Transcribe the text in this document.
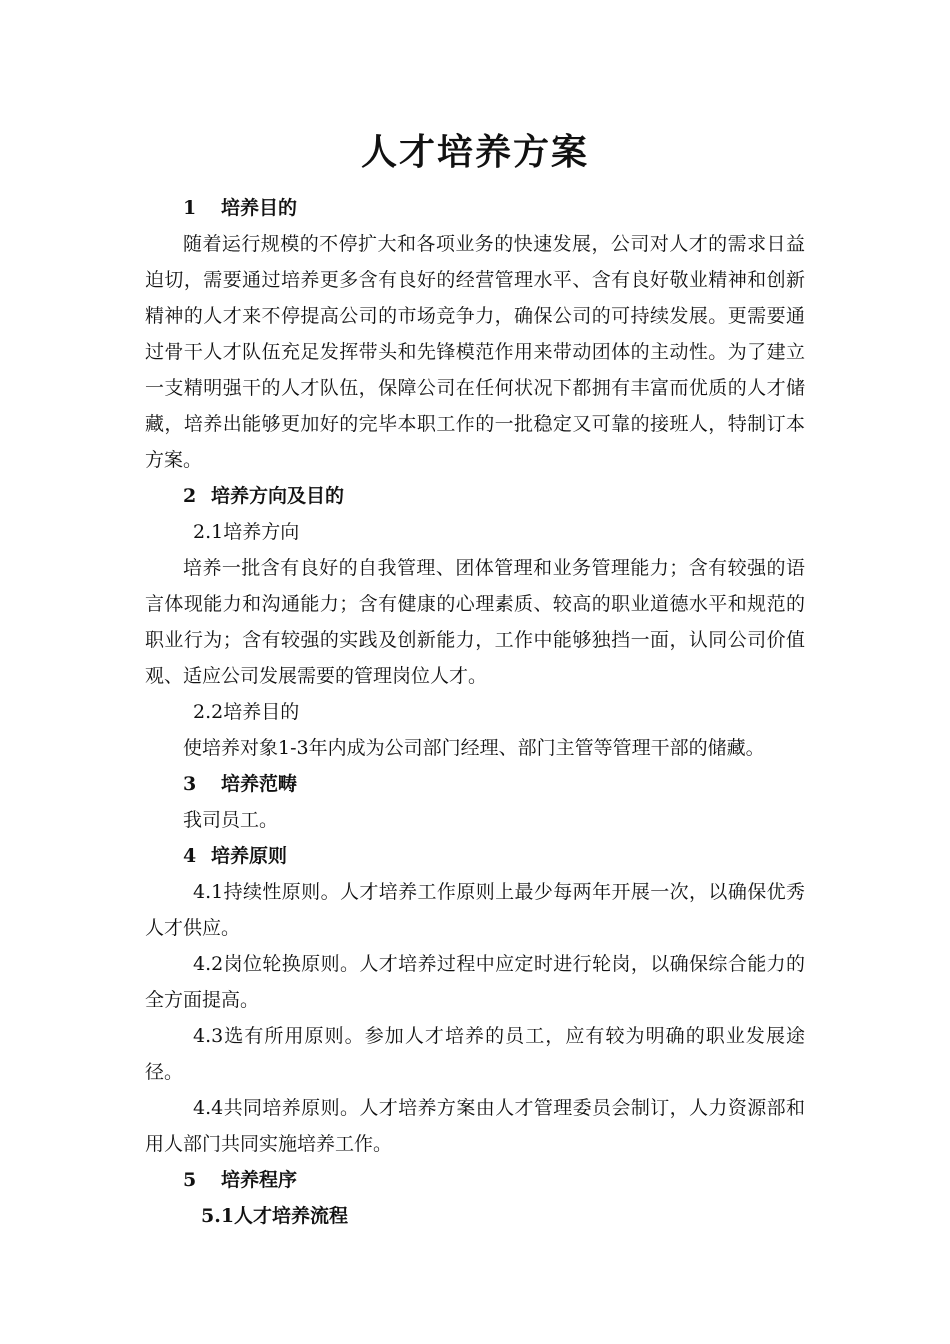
人才培养方案

1 培养目的

随着运行规模的不停扩大和各项业务的快速发展，公司对人才的需求日益迫切，需要通过培养更多含有良好的经营管理水平、含有良好敬业精神和创新精神的人才来不停提高公司的市场竞争力，确保公司的可持续发展。更需要通过骨干人才队伍充足发挥带头和先锋模范作用来带动团体的主动性。为了建立一支精明强干的人才队伍，保障公司在任何状况下都拥有丰富而优质的人才储藏，培养出能够更加好的完毕本职工作的一批稳定又可靠的接班人，特制订本方案。

2 培养方向及目的

2.1培养方向

培养一批含有良好的自我管理、团体管理和业务管理能力；含有较强的语言体现能力和沟通能力；含有健康的心理素质、较高的职业道德水平和规范的职业行为；含有较强的实践及创新能力，工作中能够独挡一面，认同公司价值观、适应公司发展需要的管理岗位人才。

2.2培养目的

使培养对象1-3年内成为公司部门经理、部门主管等管理干部的储藏。

3 培养范畴

我司员工。

4 培养原则

4.1持续性原则。人才培养工作原则上最少每两年开展一次，以确保优秀人才供应。

4.2岗位轮换原则。人才培养过程中应定时进行轮岗，以确保综合能力的全方面提高。

4.3选有所用原则。参加人才培养的员工，应有较为明确的职业发展途径。

4.4共同培养原则。人才培养方案由人才管理委员会制订，人力资源部和用人部门共同实施培养工作。

5 培养程序

5.1人才培养流程
